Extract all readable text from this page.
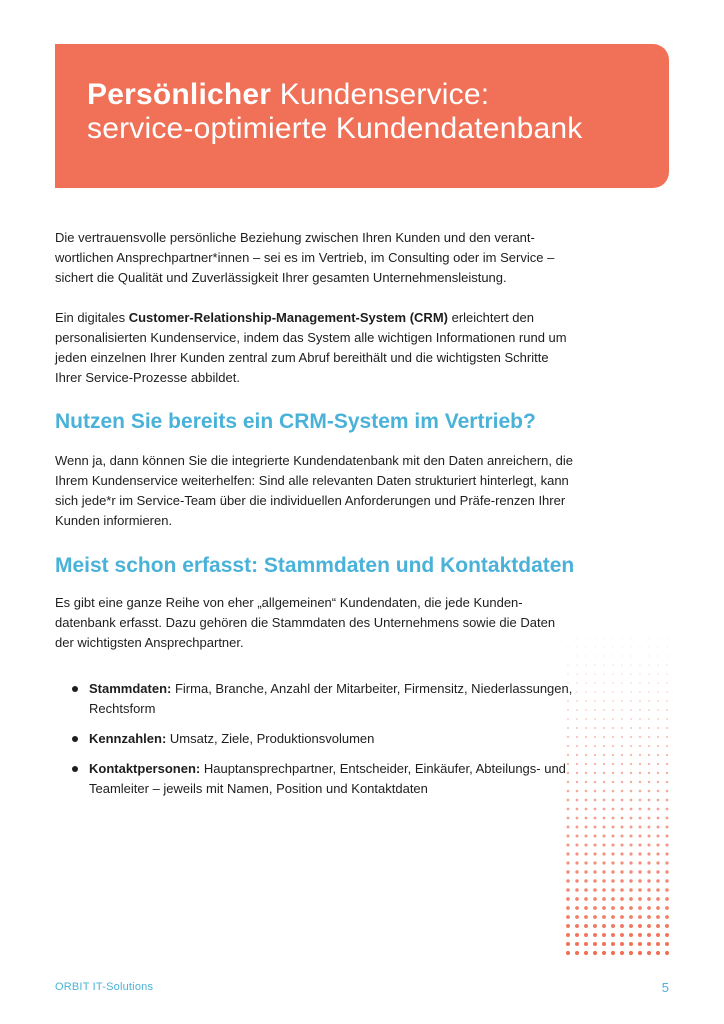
Persönlicher Kundenservice:
service-optimierte Kundendatenbank

Die vertrauensvolle persönliche Beziehung zwischen Ihren Kunden und den verant-wortlichen Ansprechpartner*innen – sei es im Vertrieb, im Consulting oder im Service – sichert die Qualität und Zuverlässigkeit Ihrer gesamten Unternehmensleistung.

Ein digitales Customer-Relationship-Management-System (CRM) erleichtert den personalisierten Kundenservice, indem das System alle wichtigen Informationen rund um jeden einzelnen Ihrer Kunden zentral zum Abruf bereithält und die wichtigsten Schritte Ihrer Service-Prozesse abbildet.

Nutzen Sie bereits ein CRM-System im Vertrieb?

Wenn ja, dann können Sie die integrierte Kundendatenbank mit den Daten anreichern, die Ihrem Kundenservice weiterhelfen: Sind alle relevanten Daten strukturiert hinterlegt, kann sich jede*r im Service-Team über die individuellen Anforderungen und Präfe-renzen Ihrer Kunden informieren.

Meist schon erfasst: Stammdaten und Kontaktdaten

Es gibt eine ganze Reihe von eher „allgemeinen“ Kundendaten, die jede Kunden-datenbank erfasst. Dazu gehören die Stammdaten des Unternehmens sowie die Daten der wichtigsten Ansprechpartner.

Stammdaten: Firma, Branche, Anzahl der Mitarbeiter, Firmensitz, Niederlassungen, Rechtsform
Kennzahlen: Umsatz, Ziele, Produktionsvolumen
Kontaktpersonen: Hauptansprechpartner, Entscheider, Einkäufer, Abteilungs- und Teamleiter – jeweils mit Namen, Position und Kontaktdaten
ORBIT IT-Solutions	5
